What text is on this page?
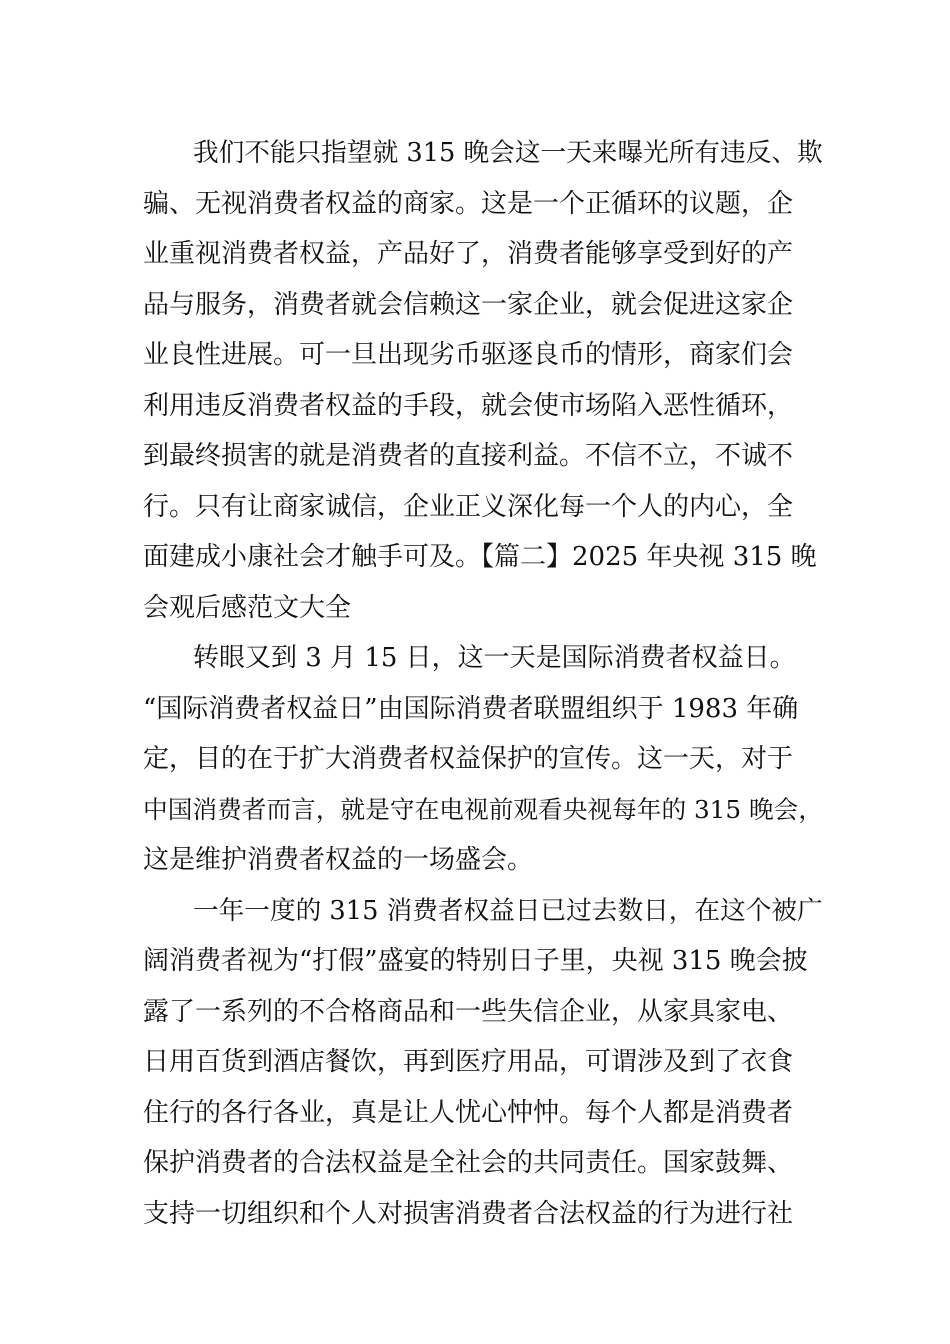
我们不能只指望就 315 晚会这一天来曝光所有违反、欺
骗、无视消费者权益的商家。这是一个正循环的议题，企
业重视消费者权益，产品好了，消费者能够享受到好的产
品与服务，消费者就会信赖这一家企业，就会促进这家企
业良性进展。可一旦出现劣币驱逐良币的情形，商家们会
利用违反消费者权益的手段，就会使市场陷入恶性循环，
到最终损害的就是消费者的直接利益。不信不立，不诚不
行。只有让商家诚信，企业正义深化每一个人的内心，全
面建成小康社会才触手可及。【篇二】2025 年央视 315 晚
会观后感范文大全
转眼又到 3 月 15 日，这一天是国际消费者权益日。
“国际消费者权益日”由国际消费者联盟组织于 1983 年确
定，目的在于扩大消费者权益保护的宣传。这一天，对于
中国消费者而言，就是守在电视前观看央视每年的 315 晚会，
这是维护消费者权益的一场盛会。
一年一度的 315 消费者权益日已过去数日，在这个被广
阔消费者视为“打假”盛宴的特别日子里，央视 315 晚会披
露了一系列的不合格商品和一些失信企业，从家具家电、
日用百货到酒店餐饮，再到医疗用品，可谓涉及到了衣食
住行的各行各业，真是让人忧心忡忡。每个人都是消费者
保护消费者的合法权益是全社会的共同责任。国家鼓舞、
支持一切组织和个人对损害消费者合法权益的行为进行社
